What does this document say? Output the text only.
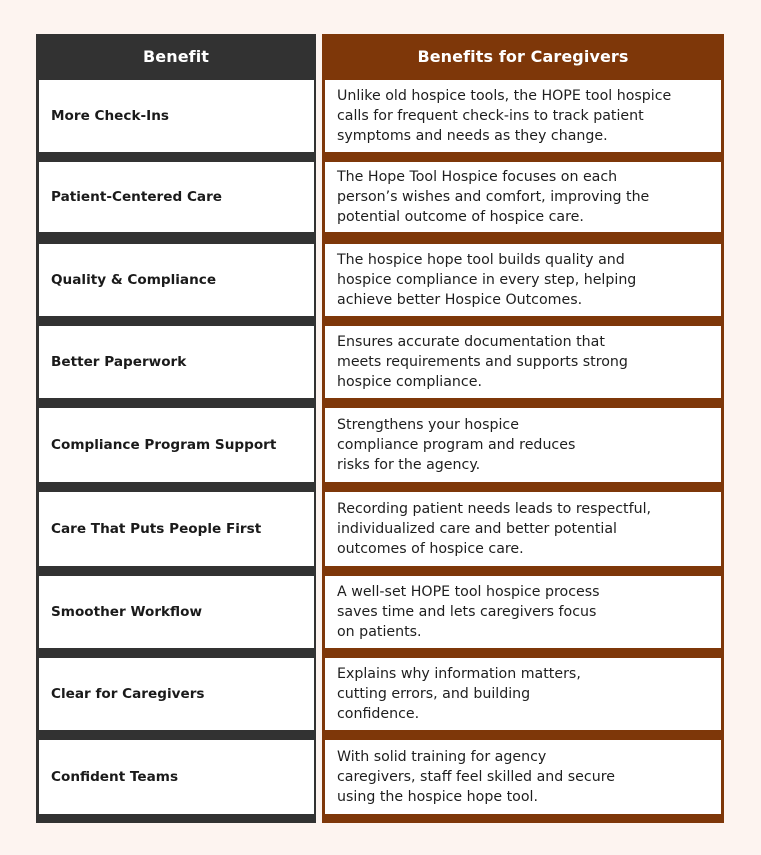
Benefit
More Check-Ins
Patient-Centered Care
Quality & Compliance
Better Paperwork
Compliance Program Support
Care That Puts People First
Smoother Workflow
Clear for Caregivers
Confident Teams
Benefits for Caregivers
Unlike old hospice tools, the HOPE tool hospice
calls for frequent check-ins to track patient
symptoms and needs as they change.
The Hope Tool Hospice focuses on each
person’s wishes and comfort, improving the
potential outcome of hospice care.
The hospice hope tool builds quality and
hospice compliance in every step, helping
achieve better Hospice Outcomes.
Ensures accurate documentation that
meets requirements and supports strong
hospice compliance.
Strengthens your hospice
compliance program and reduces
risks for the agency.
Recording patient needs leads to respectful,
individualized care and better potential
outcomes of hospice care.
A well-set HOPE tool hospice process
saves time and lets caregivers focus
on patients.
Explains why information matters,
cutting errors, and building
confidence.
With solid training for agency
caregivers, staff feel skilled and secure
using the hospice hope tool.
